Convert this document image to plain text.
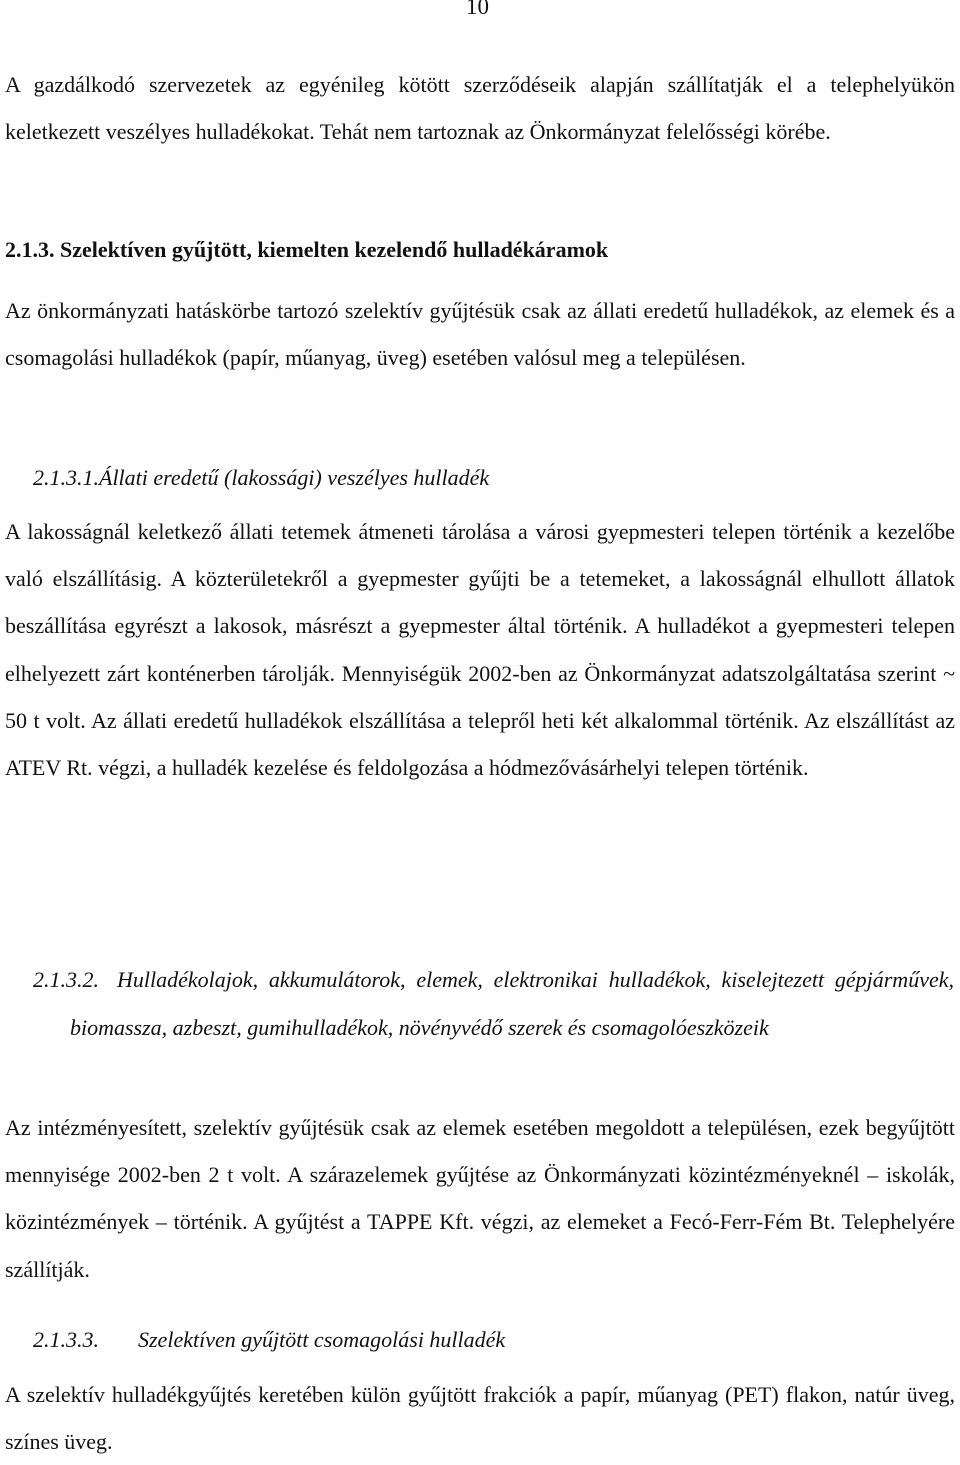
10

A gazdálkodó szervezetek az egyénileg kötött szerződéseik alapján szállítatják el a telephelyükön keletkezett veszélyes hulladékokat. Tehát nem tartoznak az Önkormányzat felelősségi körébe.

2.1.3. Szelektíven gyűjtött, kiemelten kezelendő hulladékáramok

Az önkormányzati hatáskörbe tartozó szelektív gyűjtésük csak az állati eredetű hulladékok, az elemek és a csomagolási hulladékok (papír, műanyag, üveg) esetében valósul meg a településen.

2.1.3.1.Állati eredetű (lakossági) veszélyes hulladék

A lakosságnál keletkező állati tetemek átmeneti tárolása a városi gyepmesteri telepen történik a kezelőbe való elszállításig. A közterületekről a gyepmester gyűjti be a tetemeket, a lakosságnál elhullott állatok beszállítása egyrészt a lakosok, másrészt a gyepmester által történik. A hulladékot a gyepmesteri telepen elhelyezett zárt konténerben tárolják. Mennyiségük 2002-ben az Önkormányzat adatszolgáltatása szerint ~ 50 t volt. Az állati eredetű hulladékok elszállítása a telepről heti két alkalommal történik. Az elszállítást az ATEV Rt. végzi, a hulladék kezelése és feldolgozása a hódmezővásárhelyi telepen történik.

2.1.3.2. Hulladékolajok, akkumulátorok, elemek, elektronikai hulladékok, kiselejtezett gépjárművek, biomassza, azbeszt, gumihulladékok, növényvédő szerek és csomagolóeszközeik

Az intézményesített, szelektív gyűjtésük csak az elemek esetében megoldott a településen, ezek begyűjtött mennyisége 2002-ben 2 t volt. A szárazelemek gyűjtése az Önkormányzati közintézményeknél – iskolák, közintézmények – történik. A gyűjtést a TAPPE Kft. végzi, az elemeket a Fecó-Ferr-Fém Bt. Telephelyére szállítják.

2.1.3.3. Szelektíven gyűjtött csomagolási hulladék

A szelektív hulladékgyűjtés keretében külön gyűjtött frakciók a papír, műanyag (PET) flakon, natúr üveg, színes üveg.
